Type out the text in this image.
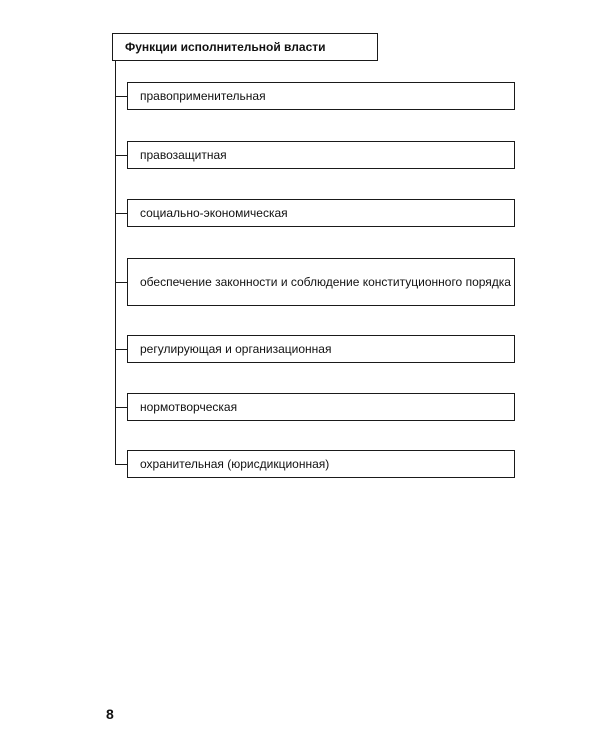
Функции исполнительной власти
правоприменительная
правозащитная
социально-экономическая
обеспечение законности и соблюдение конституционного порядка
регулирующая и организационная
нормотворческая
охранительная (юрисдикционная)
8
